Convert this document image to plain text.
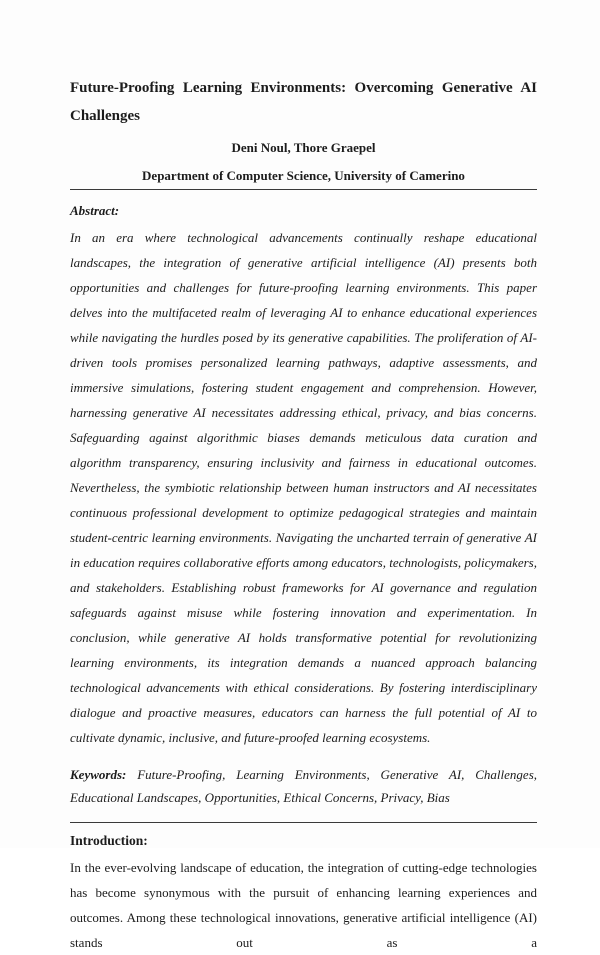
Future-Proofing Learning Environments: Overcoming Generative AI
Challenges
Deni Noul, Thore Graepel
Department of Computer Science, University of Camerino
Abstract:

In an era where technological advancements continually reshape educational landscapes, the integration of generative artificial intelligence (AI) presents both opportunities and challenges for future-proofing learning environments. This paper delves into the multifaceted realm of leveraging AI to enhance educational experiences while navigating the hurdles posed by its generative capabilities. The proliferation of AI-driven tools promises personalized learning pathways, adaptive assessments, and immersive simulations, fostering student engagement and comprehension. However, harnessing generative AI necessitates addressing ethical, privacy, and bias concerns. Safeguarding against algorithmic biases demands meticulous data curation and algorithm transparency, ensuring inclusivity and fairness in educational outcomes. Nevertheless, the symbiotic relationship between human instructors and AI necessitates continuous professional development to optimize pedagogical strategies and maintain student-centric learning environments. Navigating the uncharted terrain of generative AI in education requires collaborative efforts among educators, technologists, policymakers, and stakeholders. Establishing robust frameworks for AI governance and regulation safeguards against misuse while fostering innovation and experimentation. In conclusion, while generative AI holds transformative potential for revolutionizing learning environments, its integration demands a nuanced approach balancing technological advancements with ethical considerations. By fostering interdisciplinary dialogue and proactive measures, educators can harness the full potential of AI to cultivate dynamic, inclusive, and future-proofed learning ecosystems.

Keywords: Future-Proofing, Learning Environments, Generative AI, Challenges, Educational Landscapes, Opportunities, Ethical Concerns, Privacy, Bias

Introduction:

In the ever-evolving landscape of education, the integration of cutting-edge technologies has become synonymous with the pursuit of enhancing learning experiences and outcomes. Among these technological innovations, generative artificial intelligence (AI) stands out as a
